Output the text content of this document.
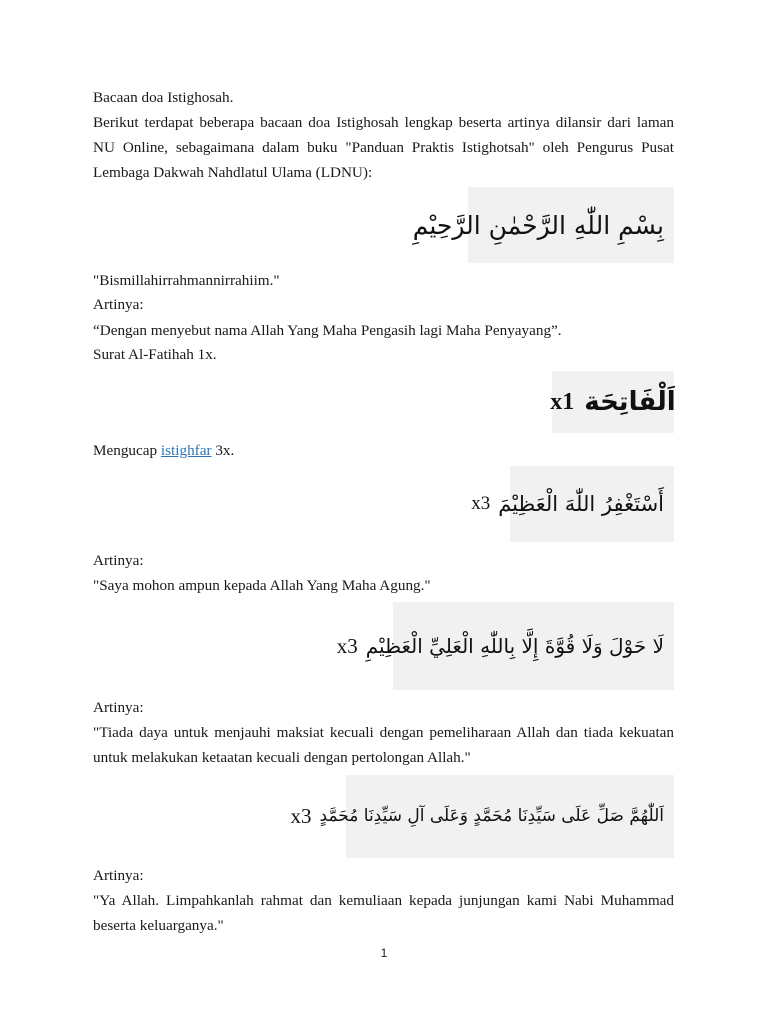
Bacaan doa Istighosah.

Berikut terdapat beberapa bacaan doa Istighosah lengkap beserta artinya dilansir dari laman NU Online, sebagaimana dalam buku "Panduan Praktis Istighotsah" oleh Pengurus Pusat Lembaga Dakwah Nahdlatul Ulama (LDNU):

بِسْمِ اللّٰهِ الرَّحْمٰنِ الرَّحِيْمِ

"Bismillahirrahmannirrahiim."

Artinya:

“Dengan menyebut nama Allah Yang Maha Pengasih lagi Maha Penyayang”.

Surat Al-Fatihah 1x.

x1 اَلْفَاتِحَة

Mengucap istighfar 3x.

x3 أَسْتَغْفِرُ اللّٰهَ الْعَظِيْمَ

Artinya:

"Saya mohon ampun kepada Allah Yang Maha Agung."

x3 لَا حَوْلَ وَلَا قُوَّةَ إِلَّا بِاللّٰهِ الْعَلِيِّ الْعَظِيْمِ

Artinya:

"Tiada daya untuk menjauhi maksiat kecuali dengan pemeliharaan Allah dan tiada kekuatan untuk melakukan ketaatan kecuali dengan pertolongan Allah."

x3 اَللّٰهُمَّ صَلِّ عَلَى سَيِّدِنَا مُحَمَّدٍ وَعَلَى آلِ سَيِّدِنَا مُحَمَّدٍ

Artinya:

"Ya Allah. Limpahkanlah rahmat dan kemuliaan kepada junjungan kami Nabi Muhammad beserta keluarganya."

1
